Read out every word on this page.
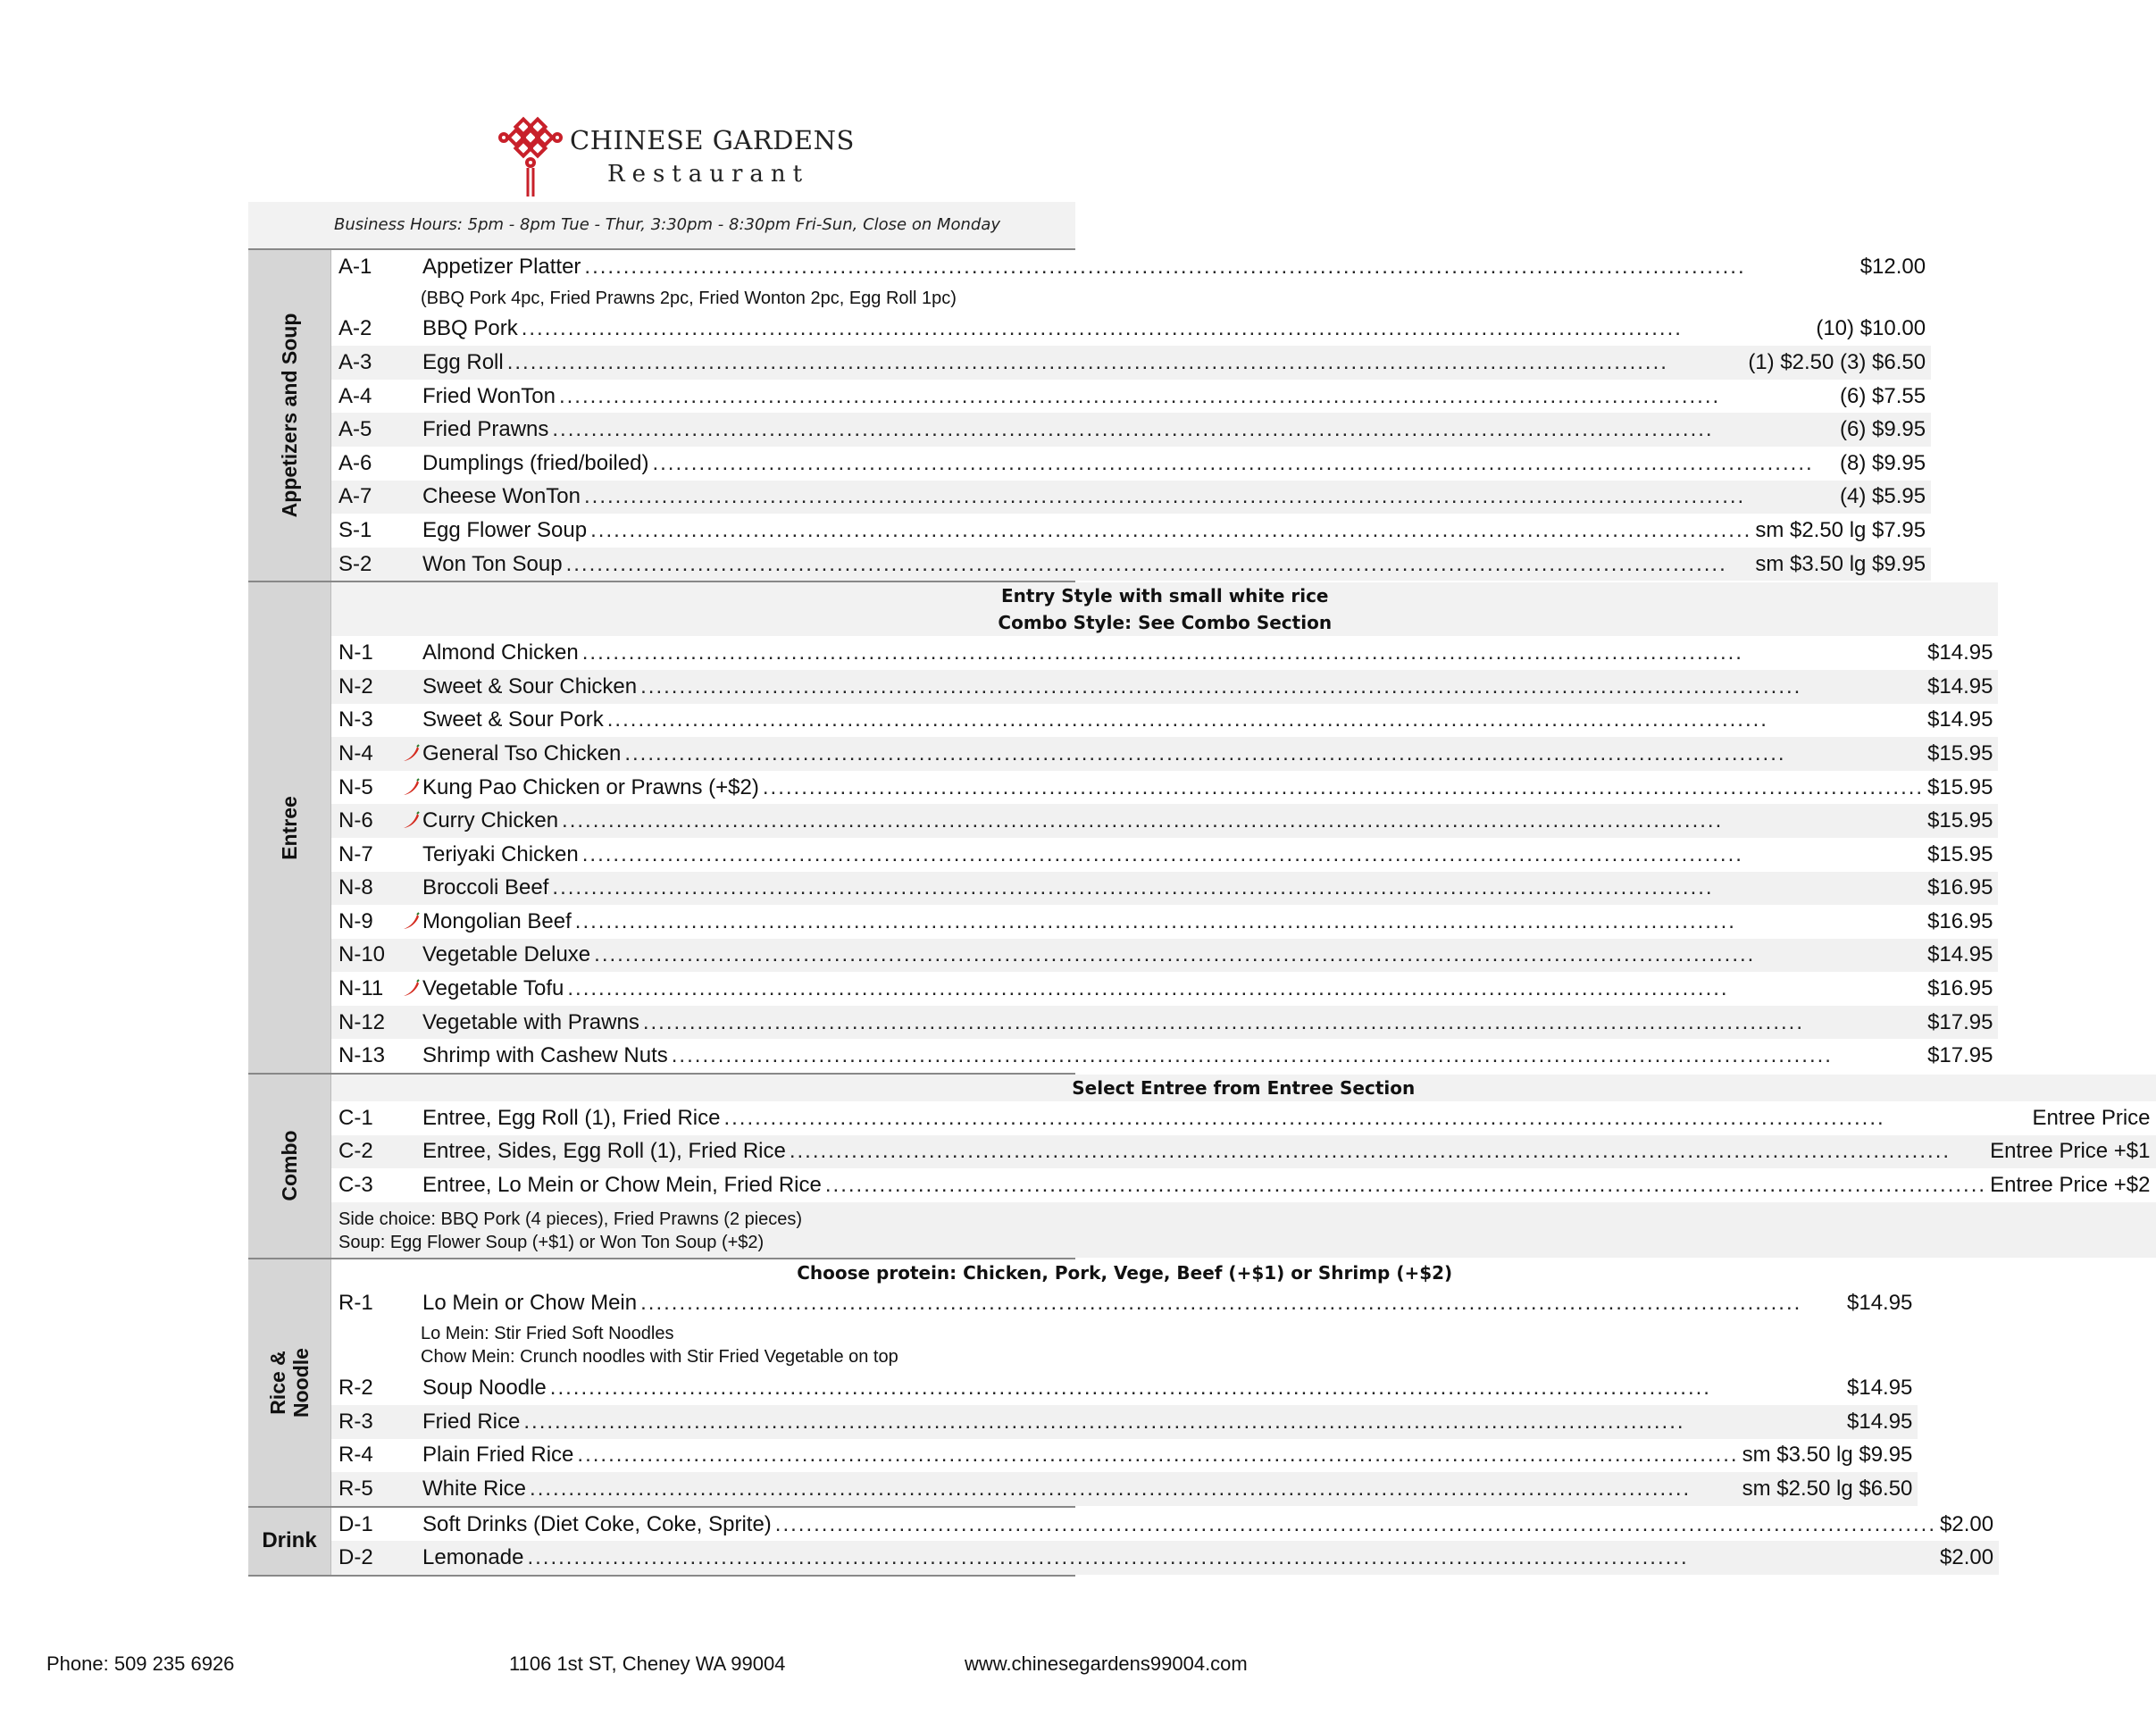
CHINESE GARDENS
Restaurant
Business Hours: 5pm - 8pm Tue - Thur, 3:30pm - 8:30pm Fri-Sun, Close on Monday
Appetizers and Soup
A-1	Appetizer Platter .....	$12.00
(BBQ Pork 4pc, Fried Prawns 2pc, Fried Wonton 2pc, Egg Roll 1pc)
A-2	BBQ Pork .....	(10) $10.00
A-3	Egg Roll .....	(1) $2.50 (3) $6.50
A-4	Fried WonTon .....	(6) $7.55
A-5	Fried Prawns .....	(6) $9.95
A-6	Dumplings (fried/boiled) .....	(8) $9.95
A-7	Cheese WonTon .....	(4) $5.95
S-1	Egg Flower Soup .....	sm $2.50 lg $7.95
S-2	Won Ton Soup .....	sm $3.50 lg $9.95
Entree
Entry Style with small white rice
Combo Style: See Combo Section
N-1	Almond Chicken .....	$14.95
N-2	Sweet & Sour Chicken .....	$14.95
N-3	Sweet & Sour Pork .....	$14.95
N-4	General Tso Chicken .....	$15.95
N-5	Kung Pao Chicken or Prawns (+$2) .....	$15.95
N-6	Curry Chicken .....	$15.95
N-7	Teriyaki Chicken .....	$15.95
N-8	Broccoli Beef .....	$16.95
N-9	Mongolian Beef .....	$16.95
N-10	Vegetable Deluxe .....	$14.95
N-11	Vegetable Tofu .....	$16.95
N-12	Vegetable with Prawns .....	$17.95
N-13	Shrimp with Cashew Nuts .....	$17.95
Combo
Select Entree from Entree Section
C-1	Entree, Egg Roll (1), Fried Rice .....	Entree Price
C-2	Entree, Sides, Egg Roll (1), Fried Rice .....	Entree Price +$1
C-3	Entree, Lo Mein or Chow Mein, Fried Rice .....	Entree Price +$2
Side choice: BBQ Pork (4 pieces), Fried Prawns (2 pieces)
Soup: Egg Flower Soup (+$1) or Won Ton Soup (+$2)
Rice & Noodle
Choose protein: Chicken, Pork, Vege, Beef (+$1) or Shrimp (+$2)
R-1	Lo Mein or Chow Mein .....	$14.95
Lo Mein: Stir Fried Soft Noodles
Chow Mein: Crunch noodles with Stir Fried Vegetable on top
R-2	Soup Noodle .....	$14.95
R-3	Fried Rice .....	$14.95
R-4	Plain Fried Rice .....	sm $3.50 lg $9.95
R-5	White Rice .....	sm $2.50 lg $6.50
Drink
D-1	Soft Drinks (Diet Coke, Coke, Sprite) .....	$2.00
D-2	Lemonade .....	$2.00
Phone: 509 235 6926	1106 1st ST, Cheney WA 99004	www.chinesegardens99004.com
